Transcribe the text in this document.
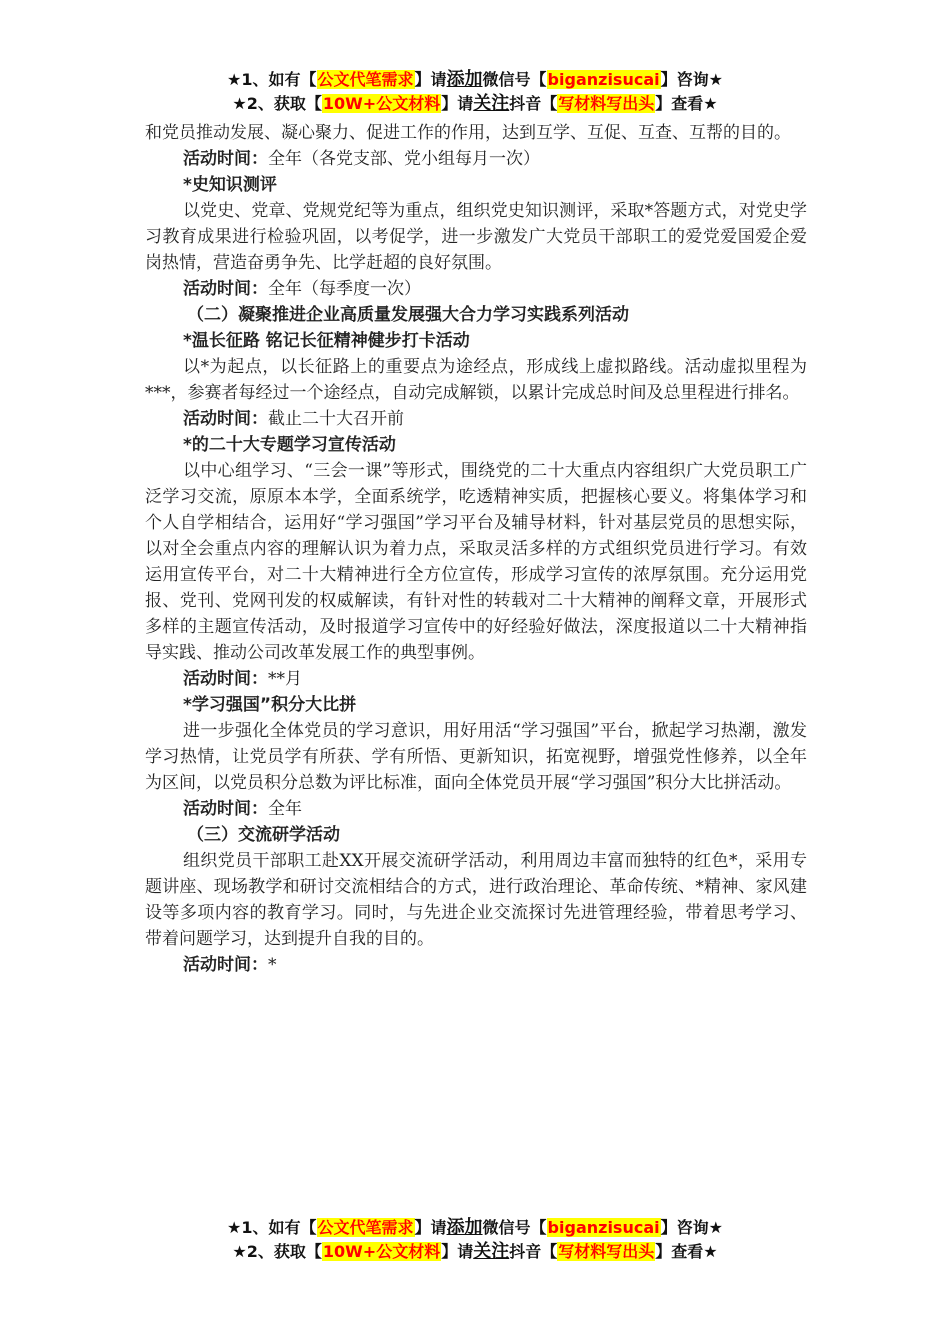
★1、如有【公文代笔需求】请添加微信号【biganzisucai】咨询★
★2、获取【10W+公文材料】请关注抖音【写材料写出头】查看★

和党员推动发展、凝心聚力、促进工作的作用，达到互学、互促、互查、互帮的目的。

活动时间：全年（各党支部、党小组每月一次）

*史知识测评

以党史、党章、党规党纪等为重点，组织党史知识测评，采取*答题方式，对党史学习教育成果进行检验巩固，以考促学，进一步激发广大党员干部职工的爱党爱国爱企爱岗热情，营造奋勇争先、比学赶超的良好氛围。

活动时间：全年（每季度一次）

（二）凝聚推进企业高质量发展强大合力学习实践系列活动

*温长征路 铭记长征精神健步打卡活动

以*为起点，以长征路上的重要点为途经点，形成线上虚拟路线。活动虚拟里程为***，参赛者每经过一个途经点，自动完成解锁，以累计完成总时间及总里程进行排名。

活动时间：截止二十大召开前

*的二十大专题学习宣传活动

以中心组学习、“三会一课”等形式，围绕党的二十大重点内容组织广大党员职工广泛学习交流，原原本本学，全面系统学，吃透精神实质，把握核心要义。将集体学习和个人自学相结合，运用好“学习强国”学习平台及辅导材料，针对基层党员的思想实际，以对全会重点内容的理解认识为着力点，采取灵活多样的方式组织党员进行学习。有效运用宣传平台，对二十大精神进行全方位宣传，形成学习宣传的浓厚氛围。充分运用党报、党刊、党网刊发的权威解读，有针对性的转载对二十大精神的阐释文章，开展形式多样的主题宣传活动，及时报道学习宣传中的好经验好做法，深度报道以二十大精神指导实践、推动公司改革发展工作的典型事例。

活动时间：**月

*学习强国”积分大比拼

进一步强化全体党员的学习意识，用好用活“学习强国”平台，掀起学习热潮，激发学习热情，让党员学有所获、学有所悟、更新知识，拓宽视野，增强党性修养，以全年为区间，以党员积分总数为评比标准，面向全体党员开展“学习强国”积分大比拼活动。

活动时间：全年

（三）交流研学活动

组织党员干部职工赴XX开展交流研学活动，利用周边丰富而独特的红色*，采用专题讲座、现场教学和研讨交流相结合的方式，进行政治理论、革命传统、*精神、家风建设等多项内容的教育学习。同时，与先进企业交流探讨先进管理经验，带着思考学习、带着问题学习，达到提升自我的目的。

活动时间：*

★1、如有【公文代笔需求】请添加微信号【biganzisucai】咨询★
★2、获取【10W+公文材料】请关注抖音【写材料写出头】查看★
